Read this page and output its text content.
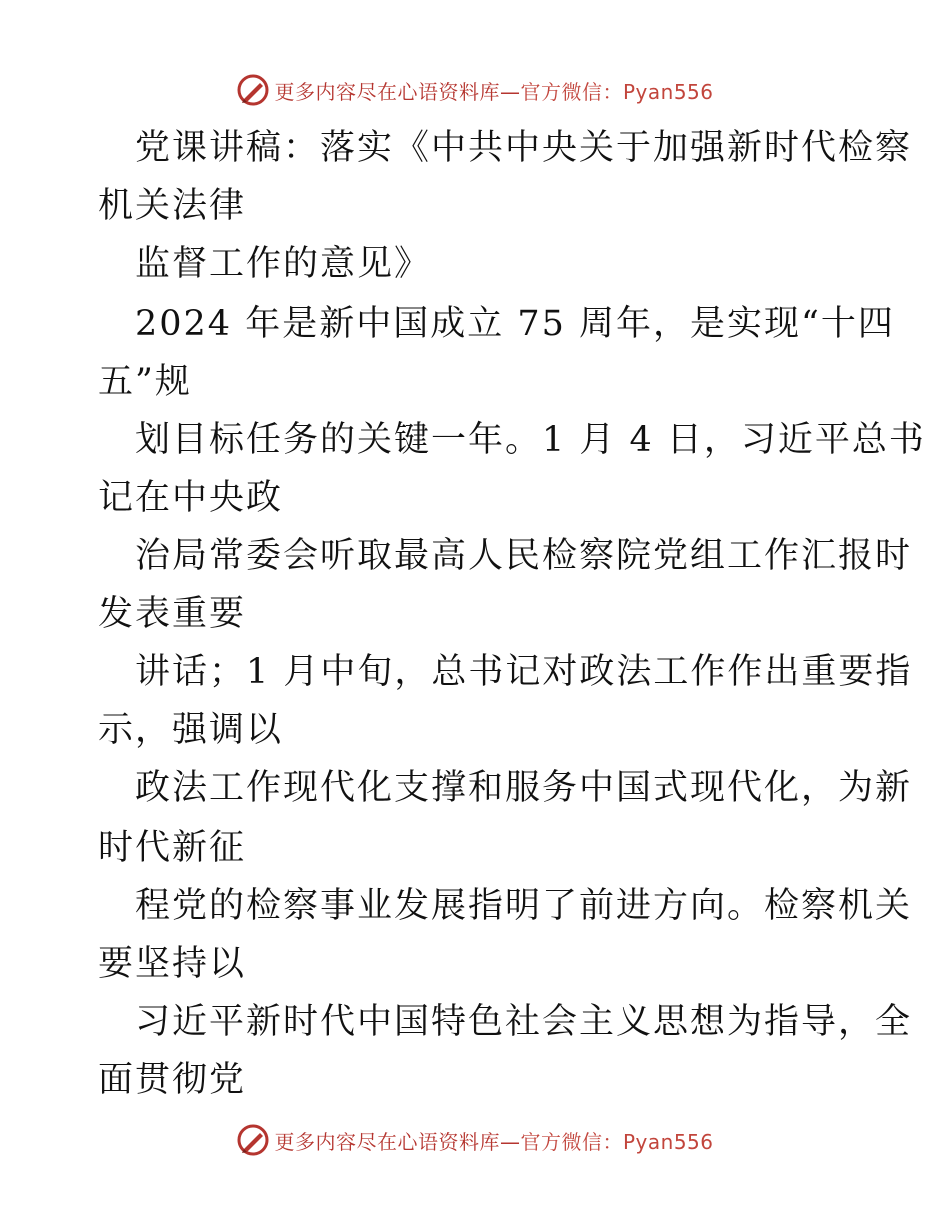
更多内容尽在心语资料库—官方微信：Pyan556
党课讲稿：落实《中共中央关于加强新时代检察
机关法律
监督工作的意见》
2024 年是新中国成立 75 周年，是实现“十四
五”规
划目标任务的关键一年。1 月 4 日，习近平总书
记在中央政
治局常委会听取最高人民检察院党组工作汇报时
发表重要
讲话；1 月中旬，总书记对政法工作作出重要指
示，强调以
政法工作现代化支撑和服务中国式现代化，为新
时代新征
程党的检察事业发展指明了前进方向。检察机关
要坚持以
习近平新时代中国特色社会主义思想为指导，全
面贯彻党
更多内容尽在心语资料库—官方微信：Pyan556
